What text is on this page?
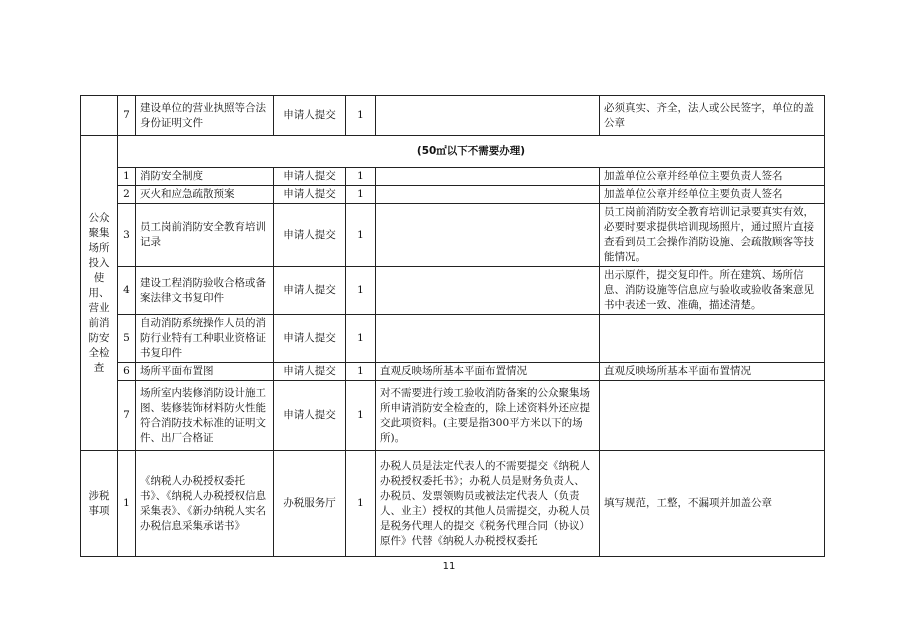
	7	建设单位的营业执照等合法身份证明文件	申请人提交	1		必须真实、齐全，法人或公民签字，单位的盖公章
公众聚集场所投入使用、营业前消防安全检查	(50㎡以下不需要办理)					
	1	消防安全制度	申请人提交	1		加盖单位公章并经单位主要负责人签名
	2	灭火和应急疏散预案	申请人提交	1		加盖单位公章并经单位主要负责人签名
	3	员工岗前消防安全教育培训记录	申请人提交	1		员工岗前消防安全教育培训记录要真实有效，必要时要求提供培训现场照片，通过照片直接查看到员工会操作消防设施、会疏散顾客等技能情况。
	4	建设工程消防验收合格或备案法律文书复印件	申请人提交	1		出示原件，提交复印件。所在建筑、场所信息、消防设施等信息应与验收或验收备案意见书中表述一致、准确，描述清楚。
	5	自动消防系统操作人员的消防行业特有工种职业资格证书复印件	申请人提交	1		
	6	场所平面布置图	申请人提交	1	直观反映场所基本平面布置情况	直观反映场所基本平面布置情况
	7	场所室内装修消防设计施工图、装修装饰材料防火性能符合消防技术标准的证明文件、出厂合格证	申请人提交	1	对不需要进行竣工验收消防备案的公众聚集场所申请消防安全检查的，除上述资料外还应提交此项资料。(主要是指300平方米以下的场所)。	
涉税事项	1	《纳税人办税授权委托书》、《纳税人办税授权信息采集表》、《新办纳税人实名办税信息采集承诺书》	办税服务厅	1	办税人员是法定代表人的不需要提交《纳税人办税授权委托书》；办税人员是财务负责人、办税员、发票领购员或被法定代表人（负责人、业主）授权的其他人员需提交，办税人员是税务代理人的提交《税务代理合同（协议）原件》代替《纳税人办税授权委托	填写规范，工整，不漏项并加盖公章
11
